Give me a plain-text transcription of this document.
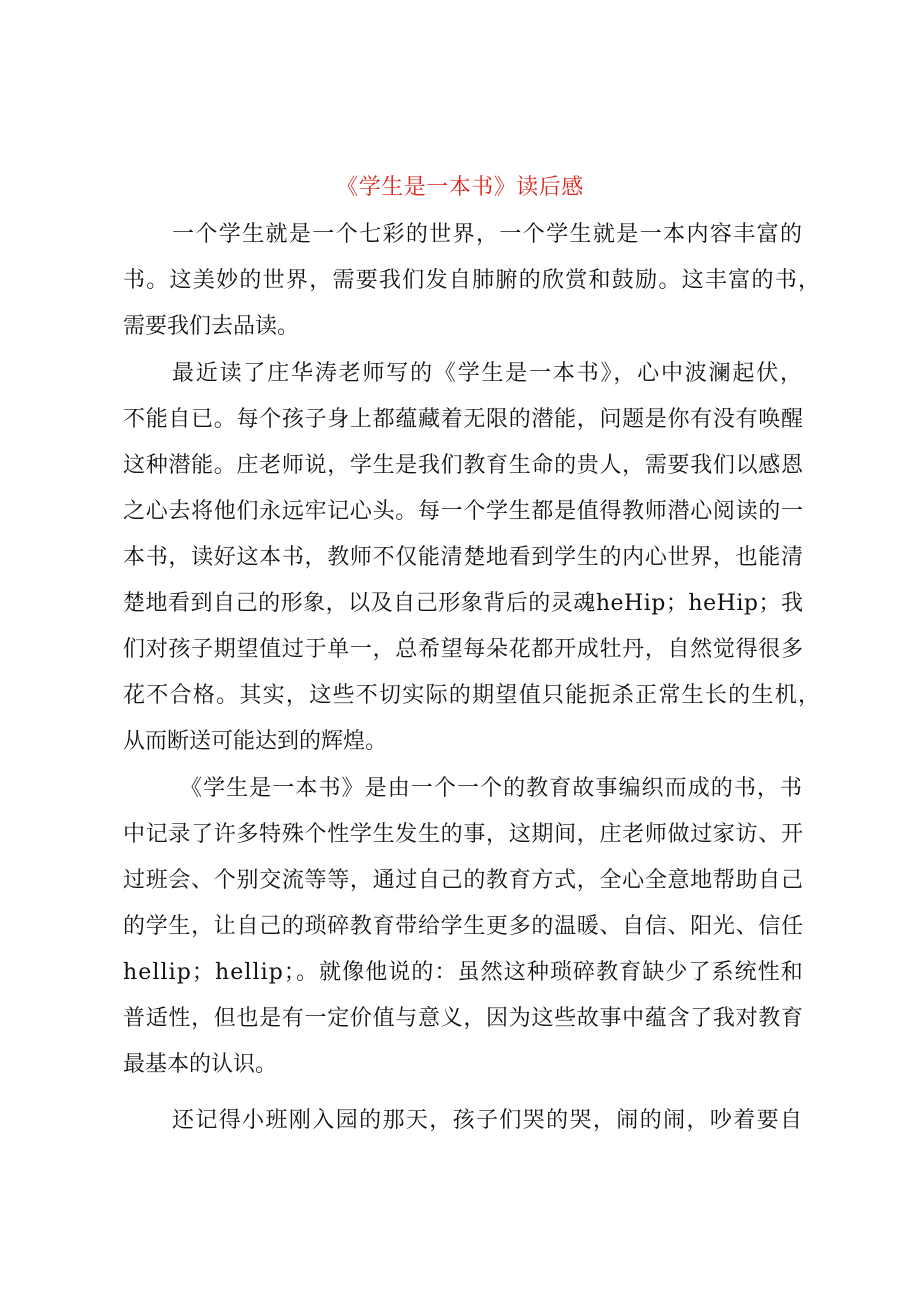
《学生是一本书》读后感
一个学生就是一个七彩的世界，一个学生就是一本内容丰富的
书。这美妙的世界，需要我们发自肺腑的欣赏和鼓励。这丰富的书，
需要我们去品读。
最近读了庄华涛老师写的《学生是一本书》，心中波澜起伏，
不能自已。每个孩子身上都蕴藏着无限的潜能，问题是你有没有唤醒
这种潜能。庄老师说，学生是我们教育生命的贵人，需要我们以感恩
之心去将他们永远牢记心头。每一个学生都是值得教师潜心阅读的一
本书，读好这本书，教师不仅能清楚地看到学生的内心世界，也能清
楚地看到自己的形象，以及自己形象背后的灵魂heHip；heHip；我
们对孩子期望值过于单一，总希望每朵花都开成牡丹，自然觉得很多
花不合格。其实，这些不切实际的期望值只能扼杀正常生长的生机，
从而断送可能达到的辉煌。
《学生是一本书》是由一个一个的教育故事编织而成的书，书
中记录了许多特殊个性学生发生的事，这期间，庄老师做过家访、开
过班会、个别交流等等，通过自己的教育方式，全心全意地帮助自己
的学生，让自己的琐碎教育带给学生更多的温暖、自信、阳光、信任
hellip；hellip；。就像他说的：虽然这种琐碎教育缺少了系统性和
普适性，但也是有一定价值与意义，因为这些故事中蕴含了我对教育
最基本的认识。
还记得小班刚入园的那天，孩子们哭的哭，闹的闹，吵着要自
